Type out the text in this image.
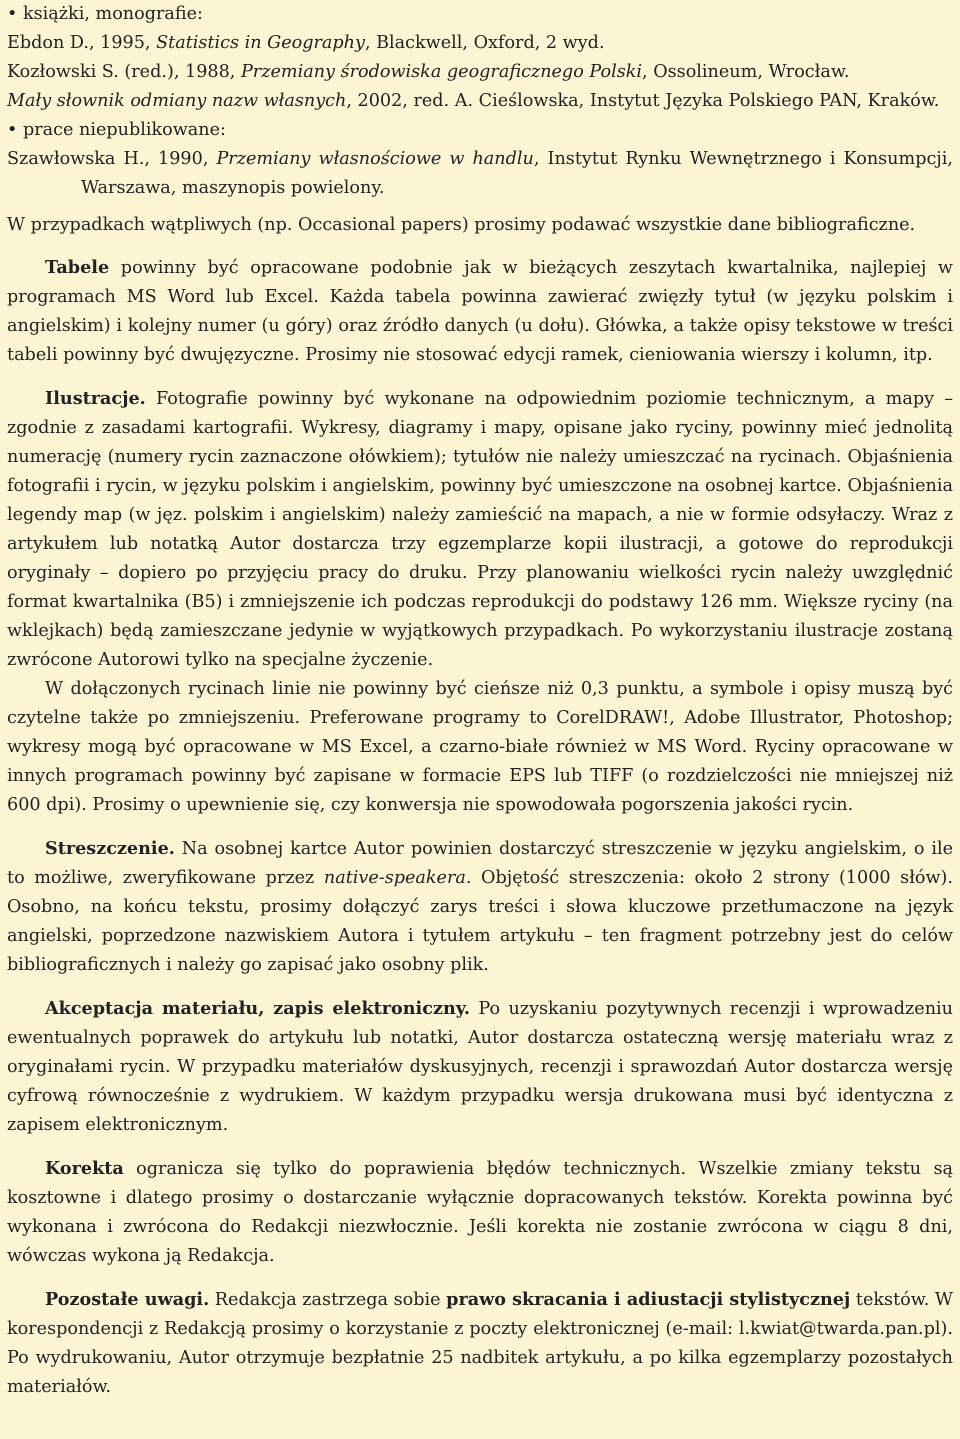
• książki, monografie:

Ebdon D., 1995, Statistics in Geography, Blackwell, Oxford, 2 wyd.

Kozłowski S. (red.), 1988, Przemiany środowiska geograficznego Polski, Ossolineum, Wrocław.

Mały słownik odmiany nazw własnych, 2002, red. A. Cieślowska, Instytut Języka Polskiego PAN, Kraków.

• prace niepublikowane:

Szawłowska H., 1990, Przemiany własnościowe w handlu, Instytut Rynku Wewnętrznego i Konsumpcji, Warszawa, maszynopis powielony.

W przypadkach wątpliwych (np. Occasional papers) prosimy podawać wszystkie dane bibliograficzne.

Tabele powinny być opracowane podobnie jak w bieżących zeszytach kwartalnika, najlepiej w programach MS Word lub Excel. Każda tabela powinna zawierać zwięzły tytuł (w języku polskim i angielskim) i kolejny numer (u góry) oraz źródło danych (u dołu). Główka, a także opisy tekstowe w treści tabeli powinny być dwujęzyczne. Prosimy nie stosować edycji ramek, cieniowania wierszy i kolumn, itp.

Ilustracje. Fotografie powinny być wykonane na odpowiednim poziomie technicznym, a mapy – zgodnie z zasadami kartografii. Wykresy, diagramy i mapy, opisane jako ryciny, powinny mieć jednolitą numerację (numery rycin zaznaczone ołówkiem); tytułów nie należy umieszczać na rycinach. Objaśnienia fotografii i rycin, w języku polskim i angielskim, powinny być umieszczone na osobnej kartce. Objaśnienia legendy map (w jęz. polskim i angielskim) należy zamieścić na mapach, a nie w formie odsyłaczy. Wraz z artykułem lub notatką Autor dostarcza trzy egzemplarze kopii ilustracji, a gotowe do reprodukcji oryginały – dopiero po przyjęciu pracy do druku. Przy planowaniu wielkości rycin należy uwzględnić format kwartalnika (B5) i zmniejszenie ich podczas reprodukcji do podstawy 126 mm. Większe ryciny (na wklejkach) będą zamieszczane jedynie w wyjątkowych przypadkach. Po wykorzystaniu ilustracje zostaną zwrócone Autorowi tylko na specjalne życzenie.

W dołączonych rycinach linie nie powinny być cieńsze niż 0,3 punktu, a symbole i opisy muszą być czytelne także po zmniejszeniu. Preferowane programy to CorelDRAW!, Adobe Illustrator, Photoshop; wykresy mogą być opracowane w MS Excel, a czarno-białe również w MS Word. Ryciny opracowane w innych programach powinny być zapisane w formacie EPS lub TIFF (o rozdzielczości nie mniejszej niż 600 dpi). Prosimy o upewnienie się, czy konwersja nie spowodowała pogorszenia jakości rycin.

Streszczenie. Na osobnej kartce Autor powinien dostarczyć streszczenie w języku angielskim, o ile to możliwe, zweryfikowane przez native-speakera. Objętość streszczenia: około 2 strony (1000 słów). Osobno, na końcu tekstu, prosimy dołączyć zarys treści i słowa kluczowe przetłumaczone na język angielski, poprzedzone nazwiskiem Autora i tytułem artykułu – ten fragment potrzebny jest do celów bibliograficznych i należy go zapisać jako osobny plik.

Akceptacja materiału, zapis elektroniczny. Po uzyskaniu pozytywnych recenzji i wprowadzeniu ewentualnych poprawek do artykułu lub notatki, Autor dostarcza ostateczną wersję materiału wraz z oryginałami rycin. W przypadku materiałów dyskusyjnych, recenzji i sprawozdań Autor dostarcza wersję cyfrową równocześnie z wydrukiem. W każdym przypadku wersja drukowana musi być identyczna z zapisem elektronicznym.

Korekta ogranicza się tylko do poprawienia błędów technicznych. Wszelkie zmiany tekstu są kosztowne i dlatego prosimy o dostarczanie wyłącznie dopracowanych tekstów. Korekta powinna być wykonana i zwrócona do Redakcji niezwłocznie. Jeśli korekta nie zostanie zwrócona w ciągu 8 dni, wówczas wykona ją Redakcja.

Pozostałe uwagi. Redakcja zastrzega sobie prawo skracania i adiustacji stylistycznej tekstów. W korespondencji z Redakcją prosimy o korzystanie z poczty elektronicznej (e-mail: l.kwiat@twarda.pan.pl). Po wydrukowaniu, Autor otrzymuje bezpłatnie 25 nadbitek artykułu, a po kilka egzemplarzy pozostałych materiałów.
